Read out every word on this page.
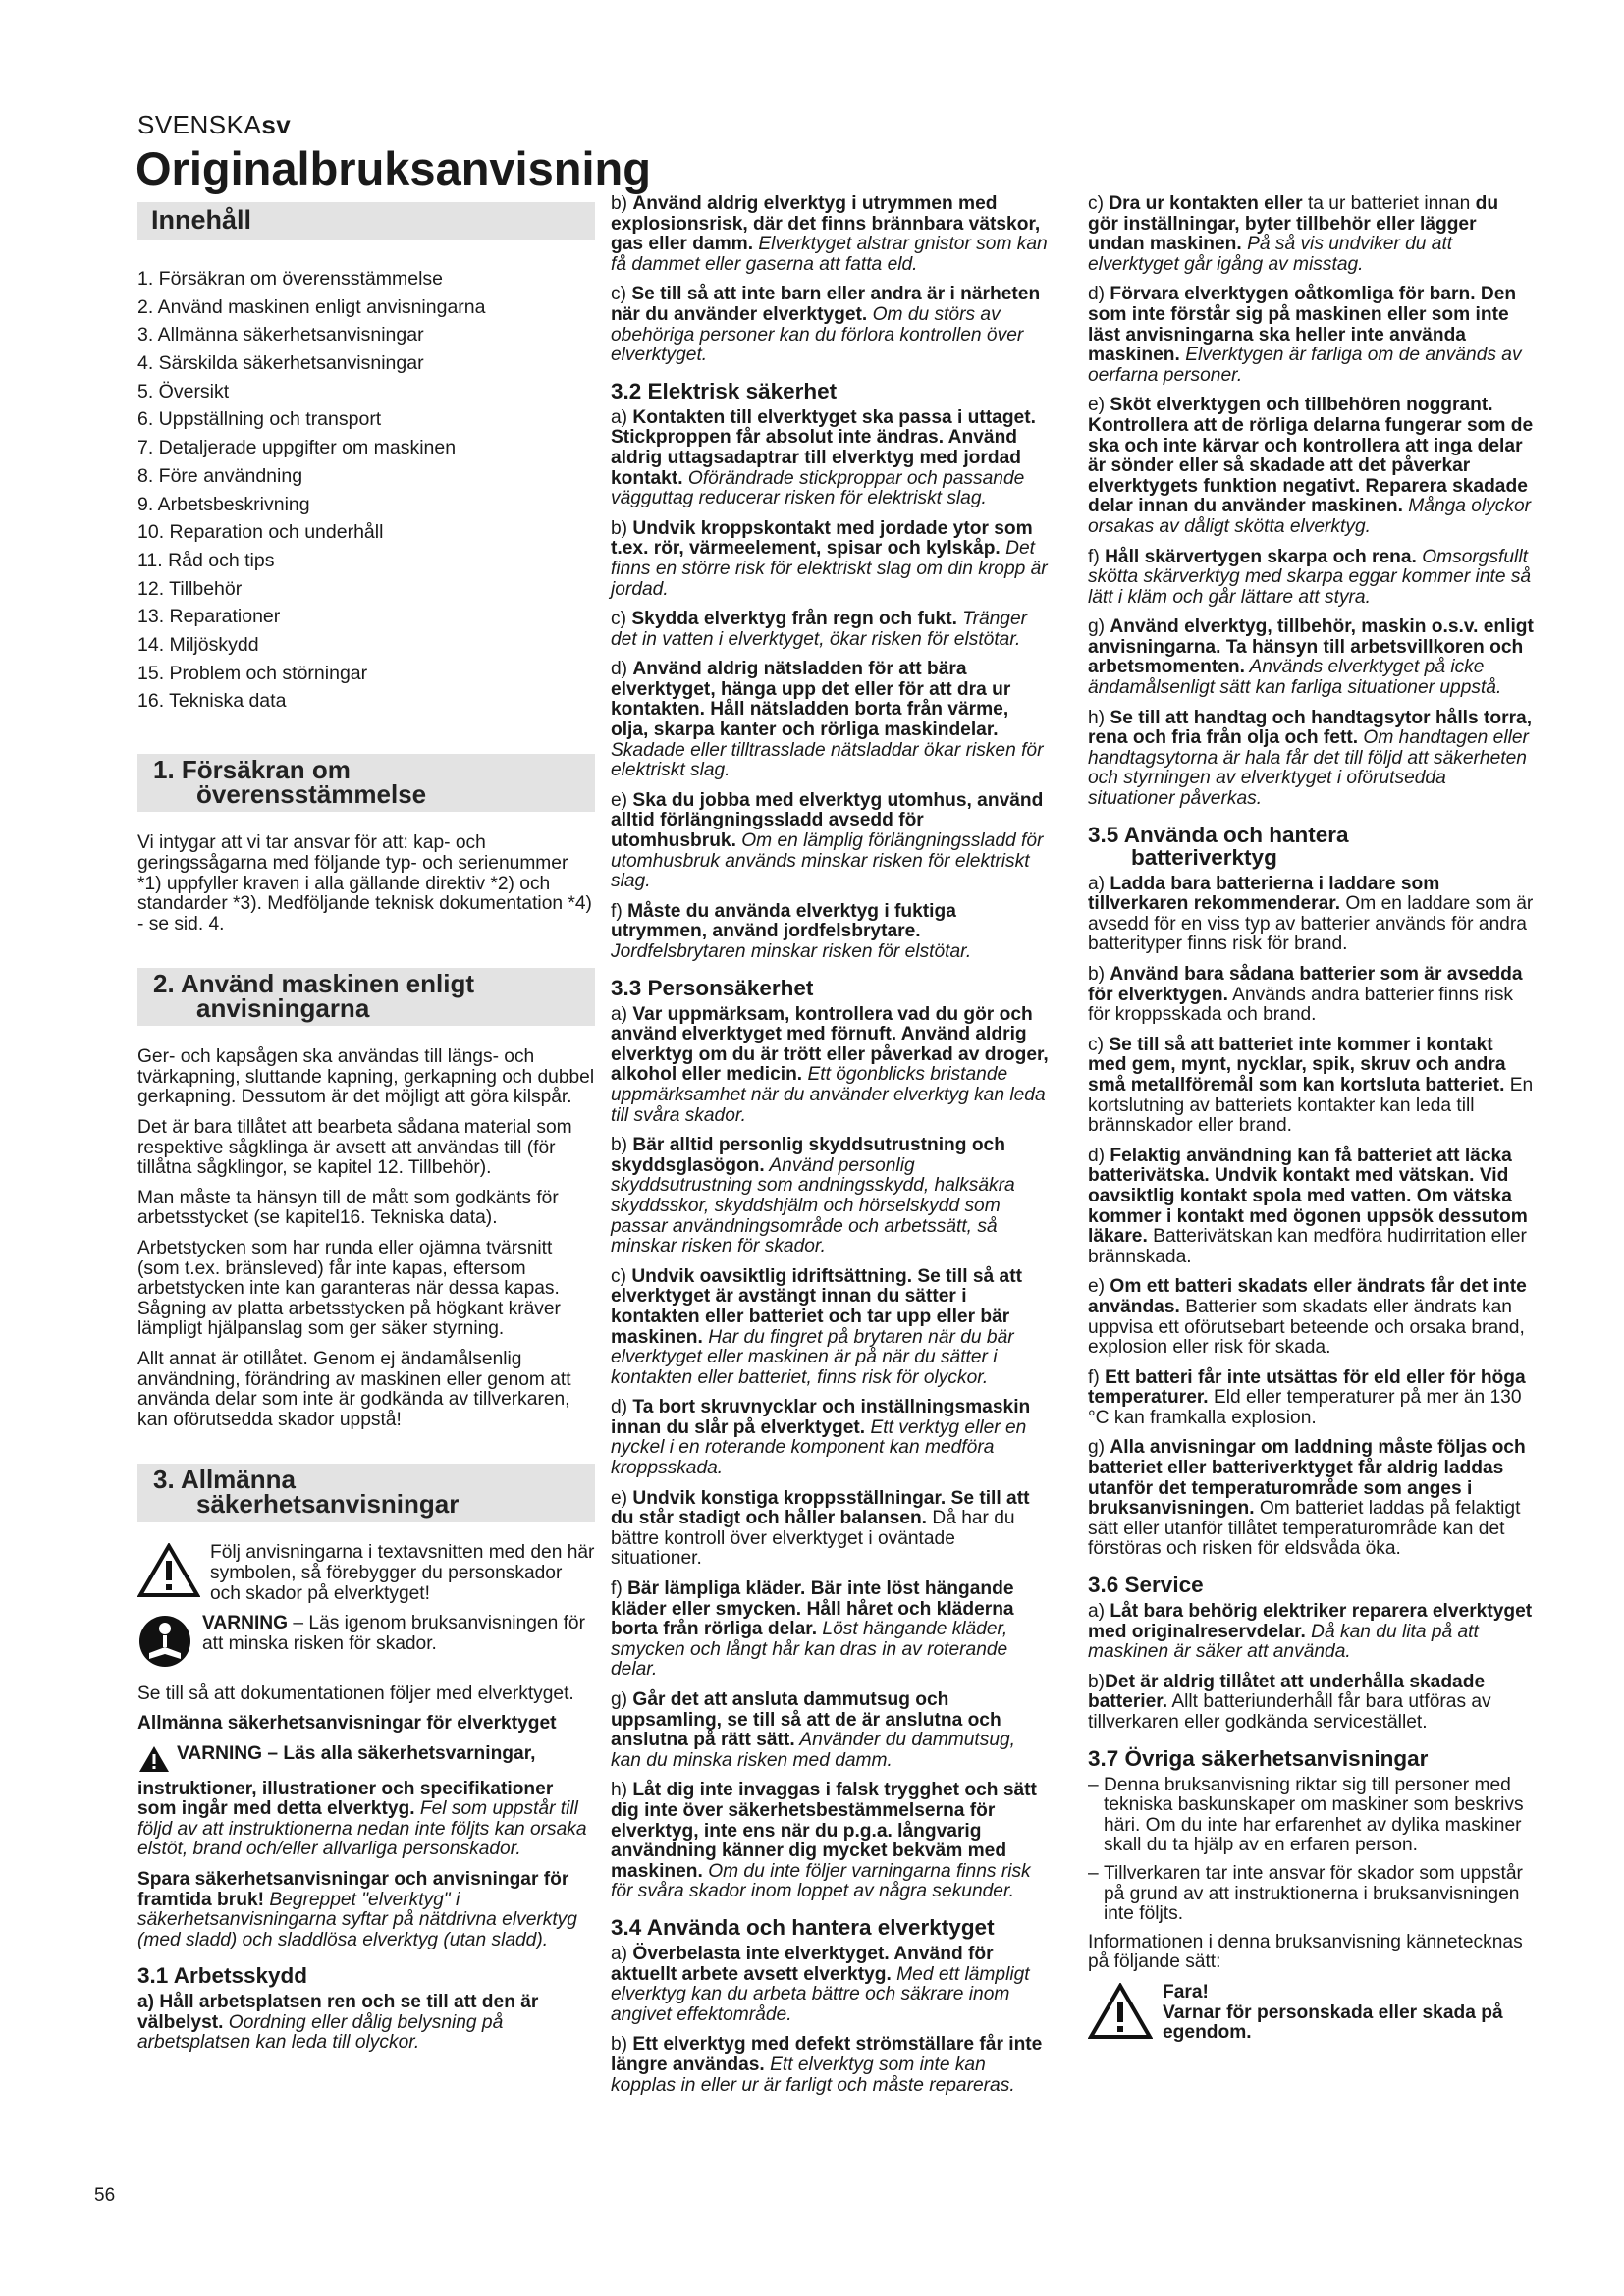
SVENSKAsv
Originalbruksanvisning
Innehåll
1. Försäkran om överensstämmelse
2. Använd maskinen enligt anvisningarna
3. Allmänna säkerhetsanvisningar
4. Särskilda säkerhetsanvisningar
5. Översikt
6. Uppställning och transport
7. Detaljerade uppgifter om maskinen
8. Före användning
9. Arbetsbeskrivning
10. Reparation och underhåll
11. Råd och tips
12. Tillbehör
13. Reparationer
14. Miljöskydd
15. Problem och störningar
16. Tekniska data
1. Försäkran om
överensstämmelse

Vi intygar att vi tar ansvar för att: kap- och geringssågarna med följande typ- och serienummer *1) uppfyller kraven i alla gällande direktiv *2) och standarder *3). Medföljande teknisk dokumentation *4) - se sid. 4.

2. Använd maskinen enligt
anvisningarna

Ger- och kapsågen ska användas till längs- och tvärkapning, sluttande kapning, gerkapning och dubbel gerkapning. Dessutom är det möjligt att göra kilspår.

Det är bara tillåtet att bearbeta sådana material som respektive sågklinga är avsett att användas till (för tillåtna sågklingor, se kapitel 12. Tillbehör).

Man måste ta hänsyn till de mått som godkänts för arbetsstycket (se kapitel16. Tekniska data).

Arbetstycken som har runda eller ojämna tvärsnitt (som t.ex. bränsleved) får inte kapas, eftersom arbetstycken inte kan garanteras när dessa kapas. Sågning av platta arbetsstycken på högkant kräver lämpligt hjälpanslag som ger säker styrning.

Allt annat är otillåtet. Genom ej ändamålsenlig användning, förändring av maskinen eller genom att använda delar som inte är godkända av tillverkaren, kan oförutsedda skador uppstå!

3. Allmänna
säkerhetsanvisningar
Följ anvisningarna i textavsnitten med den här symbolen, så förebygger du personskador och skador på elverktyget!
VARNING – Läs igenom bruksanvisningen för att minska risken för skador.

Se till så att dokumentationen följer med elverktyget.

Allmänna säkerhetsanvisningar för elverktyget

VARNING – Läs alla säkerhetsvarningar, instruktioner, illustrationer och specifikationer som ingår med detta elverktyg. Fel som uppstår till följd av att instruktionerna nedan inte följts kan orsaka elstöt, brand och/eller allvarliga personskador.

Spara säkerhetsanvisningar och anvisningar för framtida bruk! Begreppet "elverktyg" i säkerhetsanvisningarna syftar på nätdrivna elverktyg (med sladd) och sladdlösa elverktyg (utan sladd).

3.1 Arbetsskydd

a) Håll arbetsplatsen ren och se till att den är välbelyst. Oordning eller dålig belysning på arbetsplatsen kan leda till olyckor.

b) Använd aldrig elverktyg i utrymmen med explosionsrisk, där det finns brännbara vätskor, gas eller damm. Elverktyget alstrar gnistor som kan få dammet eller gaserna att fatta eld.

c) Se till så att inte barn eller andra är i närheten när du använder elverktyget. Om du störs av obehöriga personer kan du förlora kontrollen över elverktyget.

3.2 Elektrisk säkerhet

a) Kontakten till elverktyget ska passa i uttaget. Stickproppen får absolut inte ändras. Använd aldrig uttagsadaptrar till elverktyg med jordad kontakt. Oförändrade stickproppar och passande vägguttag reducerar risken för elektriskt slag.

b) Undvik kroppskontakt med jordade ytor som t.ex. rör, värmeelement, spisar och kylskåp. Det finns en större risk för elektriskt slag om din kropp är jordad.

c) Skydda elverktyg från regn och fukt. Tränger det in vatten i elverktyget, ökar risken för elstötar.

d) Använd aldrig nätsladden för att bära elverktyget, hänga upp det eller för att dra ur kontakten. Håll nätsladden borta från värme, olja, skarpa kanter och rörliga maskindelar. Skadade eller tilltrasslade nätsladdar ökar risken för elektriskt slag.

e) Ska du jobba med elverktyg utomhus, använd alltid förlängningssladd avsedd för utomhusbruk. Om en lämplig förlängningssladd för utomhusbruk används minskar risken för elektriskt slag.

f) Måste du använda elverktyg i fuktiga utrymmen, använd jordfelsbrytare. Jordfelsbrytaren minskar risken för elstötar.

3.3 Personsäkerhet

a) Var uppmärksam, kontrollera vad du gör och använd elverktyget med förnuft. Använd aldrig elverktyg om du är trött eller påverkad av droger, alkohol eller medicin. Ett ögonblicks bristande uppmärksamhet när du använder elverktyg kan leda till svåra skador.

b) Bär alltid personlig skyddsutrustning och skyddsglasögon. Använd personlig skyddsutrustning som andningsskydd, halksäkra skyddsskor, skyddshjälm och hörselskydd som passar användningsområde och arbetssätt, så minskar risken för skador.

c) Undvik oavsiktlig idriftsättning. Se till så att elverktyget är avstängt innan du sätter i kontakten eller batteriet och tar upp eller bär maskinen. Har du fingret på brytaren när du bär elverktyget eller maskinen är på när du sätter i kontakten eller batteriet, finns risk för olyckor.

d) Ta bort skruvnycklar och inställningsmaskin innan du slår på elverktyget. Ett verktyg eller en nyckel i en roterande komponent kan medföra kroppsskada.

e) Undvik konstiga kroppsställningar. Se till att du står stadigt och håller balansen. Då har du bättre kontroll över elverktyget i oväntade situationer.

f) Bär lämpliga kläder. Bär inte löst hängande kläder eller smycken. Håll håret och kläderna borta från rörliga delar. Löst hängande kläder, smycken och långt hår kan dras in av roterande delar.

g) Går det att ansluta dammutsug och uppsamling, se till så att de är anslutna och anslutna på rätt sätt. Använder du dammutsug, kan du minska risken med damm.

h) Låt dig inte invaggas i falsk trygghet och sätt dig inte över säkerhetsbestämmelserna för elverktyg, inte ens när du p.g.a. långvarig användning känner dig mycket bekväm med maskinen. Om du inte följer varningarna finns risk för svåra skador inom loppet av några sekunder.

3.4 Använda och hantera elverktyget

a) Överbelasta inte elverktyget. Använd för aktuellt arbete avsett elverktyg. Med ett lämpligt elverktyg kan du arbeta bättre och säkrare inom angivet effektområde.

b) Ett elverktyg med defekt strömställare får inte längre användas. Ett elverktyg som inte kan kopplas in eller ur är farligt och måste repareras.

c) Dra ur kontakten eller ta ur batteriet innan du gör inställningar, byter tillbehör eller lägger undan maskinen. På så vis undviker du att elverktyget går igång av misstag.

d) Förvara elverktygen oåtkomliga för barn. Den som inte förstår sig på maskinen eller som inte läst anvisningarna ska heller inte använda maskinen. Elverktygen är farliga om de används av oerfarna personer.

e) Sköt elverktygen och tillbehören noggrant. Kontrollera att de rörliga delarna fungerar som de ska och inte kärvar och kontrollera att inga delar är sönder eller så skadade att det påverkar elverktygets funktion negativt. Reparera skadade delar innan du använder maskinen. Många olyckor orsakas av dåligt skötta elverktyg.

f) Håll skärvertygen skarpa och rena. Omsorgsfullt skötta skärverktyg med skarpa eggar kommer inte så lätt i kläm och går lättare att styra.

g) Använd elverktyg, tillbehör, maskin o.s.v. enligt anvisningarna. Ta hänsyn till arbetsvillkoren och arbetsmomenten. Används elverktyget på icke ändamålsenligt sätt kan farliga situationer uppstå.

h) Se till att handtag och handtagsytor hålls torra, rena och fria från olja och fett. Om handtagen eller handtagsytorna är hala får det till följd att säkerheten och styrningen av elverktyget i oförutsedda situationer påverkas.

3.5 Använda och hantera
batteriverktyg

a) Ladda bara batterierna i laddare som tillverkaren rekommenderar. Om en laddare som är avsedd för en viss typ av batterier används för andra batterityper finns risk för brand.

b) Använd bara sådana batterier som är avsedda för elverktygen. Används andra batterier finns risk för kroppsskada och brand.

c) Se till så att batteriet inte kommer i kontakt med gem, mynt, nycklar, spik, skruv och andra små metallföremål som kan kortsluta batteriet. En kortslutning av batteriets kontakter kan leda till brännskador eller brand.

d) Felaktig användning kan få batteriet att läcka batterivätska. Undvik kontakt med vätskan. Vid oavsiktlig kontakt spola med vatten. Om vätska kommer i kontakt med ögonen uppsök dessutom läkare. Batterivätskan kan medföra hudirritation eller brännskada.

e) Om ett batteri skadats eller ändrats får det inte användas. Batterier som skadats eller ändrats kan uppvisa ett oförutsebart beteende och orsaka brand, explosion eller risk för skada.

f) Ett batteri får inte utsättas för eld eller för höga temperaturer. Eld eller temperaturer på mer än 130 °C kan framkalla explosion.

g) Alla anvisningar om laddning måste följas och batteriet eller batteriverktyget får aldrig laddas utanför det temperaturområde som anges i bruksanvisningen. Om batteriet laddas på felaktigt sätt eller utanför tillåtet temperaturområde kan det förstöras och risken för eldsvåda öka.

3.6 Service

a) Låt bara behörig elektriker reparera elverktyget med originalreservdelar. Då kan du lita på att maskinen är säker att använda.

b)Det är aldrig tillåtet att underhålla skadade batterier. Allt batteriunderhåll får bara utföras av tillverkaren eller godkända servicestället.

3.7 Övriga säkerhetsanvisningar
– Denna bruksanvisning riktar sig till personer med tekniska baskunskaper om maskiner som beskrivs häri. Om du inte har erfarenhet av dylika maskiner skall du ta hjälp av en erfaren person.
– Tillverkaren tar inte ansvar för skador som uppstår på grund av att instruktionerna i bruksanvisningen inte följts.

Informationen i denna bruksanvisning kännetecknas på följande sätt:

Fara!
Varnar för personskada eller skada på egendom.
56
